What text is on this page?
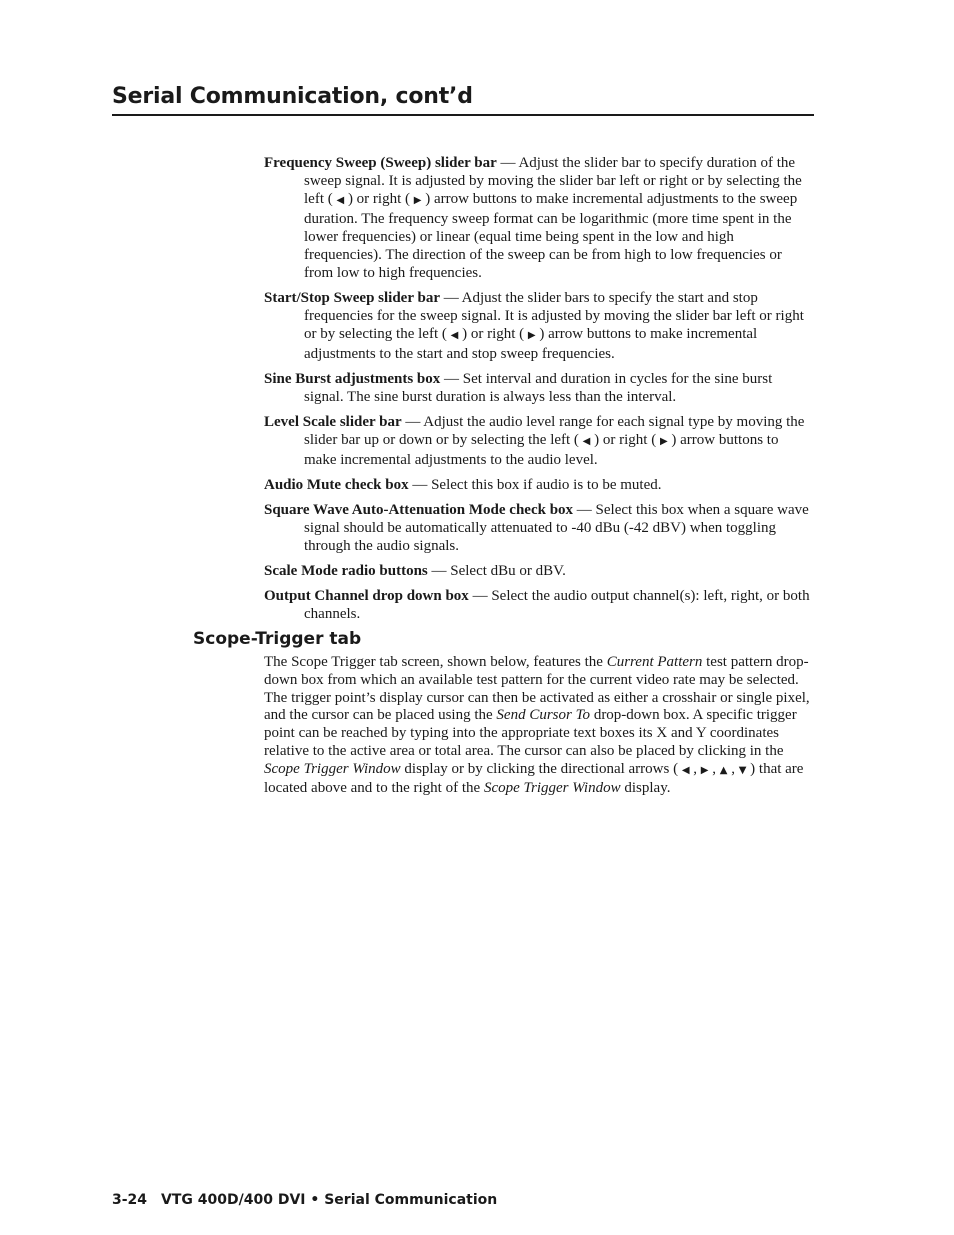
Serial Communication, cont’d

Frequency Sweep (Sweep) slider bar — Adjust the slider bar to specify duration of the sweep signal. It is adjusted by moving the slider bar left or right or by selecting the left ( ◀ ) or right ( ▶ ) arrow buttons to make incremental adjustments to the sweep duration. The frequency sweep format can be logarithmic (more time spent in the lower frequencies) or linear (equal time being spent in the low and high frequencies). The direction of the sweep can be from high to low frequencies or from low to high frequencies.

Start/Stop Sweep slider bar — Adjust the slider bars to specify the start and stop frequencies for the sweep signal. It is adjusted by moving the slider bar left or right or by selecting the left ( ◀ ) or right ( ▶ ) arrow buttons to make incremental adjustments to the start and stop sweep frequencies.

Sine Burst adjustments box — Set interval and duration in cycles for the sine burst signal. The sine burst duration is always less than the interval.

Level Scale slider bar — Adjust the audio level range for each signal type by moving the slider bar up or down or by selecting the left ( ◀ ) or right ( ▶ ) arrow buttons to make incremental adjustments to the audio level.

Audio Mute check box — Select this box if audio is to be muted.

Square Wave Auto-Attenuation Mode check box — Select this box when a square wave signal should be automatically attenuated to -40 dBu (-42 dBV) when toggling through the audio signals.

Scale Mode radio buttons — Select dBu or dBV.

Output Channel drop down box — Select the audio output channel(s): left, right, or both channels.

Scope-Trigger tab

The Scope Trigger tab screen, shown below, features the Current Pattern test pattern drop-down box from which an available test pattern for the current video rate may be selected. The trigger point’s display cursor can then be activated as either a crosshair or single pixel, and the cursor can be placed using the Send Cursor To drop-down box. A specific trigger point can be reached by typing into the appropriate text boxes its X and Y coordinates relative to the active area or total area. The cursor can also be placed by clicking in the Scope Trigger Window display or by clicking the directional arrows ( ◀ , ▶ , ▲ , ▼ ) that are located above and to the right of the Scope Trigger Window display.

3-24 VTG 400D/400 DVI • Serial Communication
